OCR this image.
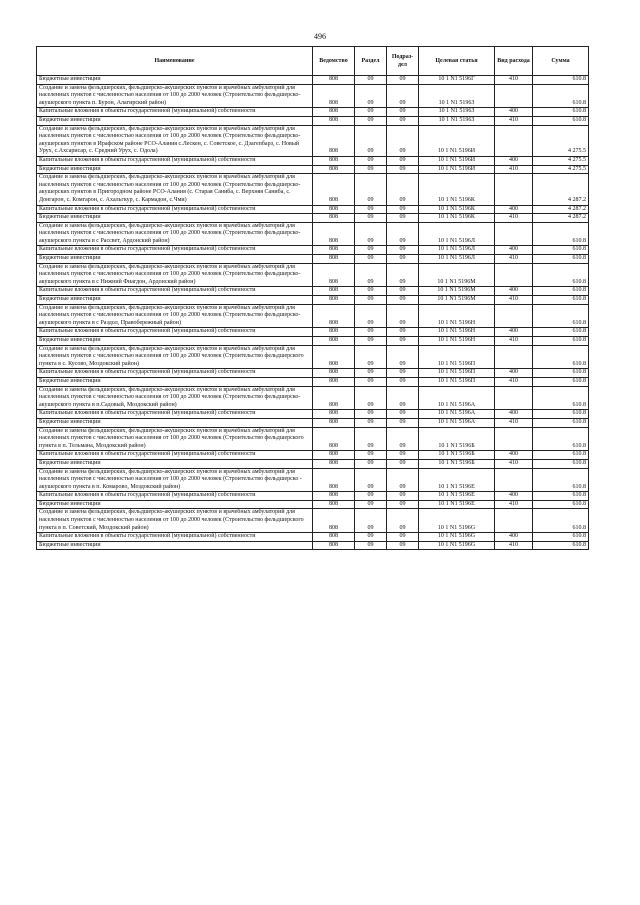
496
Наименование	Ведомство	Раздел	Подраз-дел	Целевая статья	Вид расхода	Сумма
Бюджетные инвестиции	808	09	09	10 1 N1 5196Г	410	610.8
Создание и замена фельдшерских, фельдшерско-акушерских пунктов и врачебных амбулаторий для населенных пунктов с численностью населения от 100 до 2000 человек (Строительство фельдшерско-акушерского пункта п. Бурон, Алагирский район)	808	09	09	10 1 N1 5196З		610.8
Капитальные вложения в объекты государственной (муниципальной) собственности	808	09	09	10 1 N1 5196З	400	610.8
Бюджетные инвестиции	808	09	09	10 1 N1 5196З	410	610.8
Создание и замена фельдшерских, фельдшерско-акушерских пунктов и врачебных амбулаторий для населенных пунктов с численностью населения от 100 до 2000 человек (Строительство фельдшерско-акушерских пунктов в Ирафском районе РСО-Алания с.Лескен, с. Советское, с. Дзагепбарз, с. Новый Урух, с.Ахсарисар, с. Средний Урух, с. Одола)	808	09	09	10 1 N1 5196И		4 275.5
Капитальные вложения в объекты государственной (муниципальной) собственности	808	09	09	10 1 N1 5196И	400	4 275.5
Бюджетные инвестиции	808	09	09	10 1 N1 5196И	410	4 275.5
Создание и замена фельдшерских, фельдшерско-акушерских пунктов и врачебных амбулаторий для населенных пунктов с численностью населения от 100 до 2000 человек (Строительство фельдшерско-акушерских пунктов в Пригородном районе РСО-Алания (с. Старая Саниба, с. Верхняя Саниба, с. Донгарон, с. Комгарон, с. Ахальгкур, с. Кармадон, с.Чми)	808	09	09	10 1 N1 5196К		4 287.2
Капитальные вложения в объекты государственной (муниципальной) собственности	808	09	09	10 1 N1 5196К	400	4 287.2
Бюджетные инвестиции	808	09	09	10 1 N1 5196К	410	4 287.2
Создание и замена фельдшерских, фельдшерско-акушерских пунктов и врачебных амбулаторий для населенных пунктов с численностью населения от 100 до 2000 человек (Строительство фельдшерско-акушерского пункта в с Рассвет, Ардонский район)	808	09	09	10 1 N1 5196Л		610.8
Капитальные вложения в объекты государственной (муниципальной) собственности	808	09	09	10 1 N1 5196Л	400	610.8
Бюджетные инвестиции	808	09	09	10 1 N1 5196Л	410	610.8
Создание и замена фельдшерских, фельдшерско-акушерских пунктов и врачебных амбулаторий для населенных пунктов с численностью населения от 100 до 2000 человек (Строительство фельдшерско-акушерского пункта в с Нижний Фиагдон, Ардонский район)	808	09	09	10 1 N1 5196М		610.8
Капитальные вложения в объекты государственной (муниципальной) собственности	808	09	09	10 1 N1 5196М	400	610.8
Бюджетные инвестиции	808	09	09	10 1 N1 5196М	410	610.8
Создание и замена фельдшерских, фельдшерско-акушерских пунктов и врачебных амбулаторий для населенных пунктов с численностью населения от 100 до 2000 человек (Строительство фельдшерско-акушерского пункта в с Раздол, Правобережный район)	808	09	09	10 1 N1 5196Н		610.8
Капитальные вложения в объекты государственной (муниципальной) собственности	808	09	09	10 1 N1 5196Н	400	610.8
Бюджетные инвестиции	808	09	09	10 1 N1 5196Н	410	610.8
Создание и замена фельдшерских, фельдшерско-акушерских пунктов и врачебных амбулаторий для населенных пунктов с численностью населения от 100 до 2000 человек (Строительство фельдшерского пункта в с. Кусово, Моздокский район)	808	09	09	10 1 N1 5196П		610.8
Капитальные вложения в объекты государственной (муниципальной) собственности	808	09	09	10 1 N1 5196П	400	610.8
Бюджетные инвестиции	808	09	09	10 1 N1 5196П	410	610.8
Создание и замена фельдшерских, фельдшерско-акушерских пунктов и врачебных амбулаторий для населенных пунктов с численностью населения от 100 до 2000 человек (Строительство фельдшерско-акушерского пункта в п.Садовый, Моздокский район)	808	09	09	10 1 N1 5196А		610.8
Капитальные вложения в объекты государственной (муниципальной) собственности	808	09	09	10 1 N1 5196А	400	610.8
Бюджетные инвестиции	808	09	09	10 1 N1 5196А	410	610.8
Создание и замена фельдшерских, фельдшерско-акушерских пунктов и врачебных амбулаторий для населенных пунктов с численностью населения от 100 до 2000 человек (Строительство фельдшерского пункта в п. Тельмана, Моздокский район)	808	09	09	10 1 N1 5196Б		610.8
Капитальные вложения в объекты государственной (муниципальной) собственности	808	09	09	10 1 N1 5196Б	400	610.8
Бюджетные инвестиции	808	09	09	10 1 N1 5196Б	410	610.8
Создание и замена фельдшерских, фельдшерско-акушерских пунктов и врачебных амбулаторий для населенных пунктов с численностью населения от 100 до 2000 человек (Строительство фельдшерско - акушерского пункта в п. Комарово, Моздокский район)	808	09	09	10 1 N1 5196Е		610.8
Капитальные вложения в объекты государственной (муниципальной) собственности	808	09	09	10 1 N1 5196Е	400	610.8
Бюджетные инвестиции	808	09	09	10 1 N1 5196Е	410	610.8
Создание и замена фельдшерских, фельдшерско-акушерских пунктов и врачебных амбулаторий для населенных пунктов с численностью населения от 100 до 2000 человек (Строительство фельдшерского пункта в п. Советский, Моздокский район)	808	09	09	10 1 N1 5196G		610.8
Капитальные вложения в объекты государственной (муниципальной) собственности	808	09	09	10 1 N1 5196G	400	610.8
Бюджетные инвестиции	808	09	09	10 1 N1 5196G	410	610.8
